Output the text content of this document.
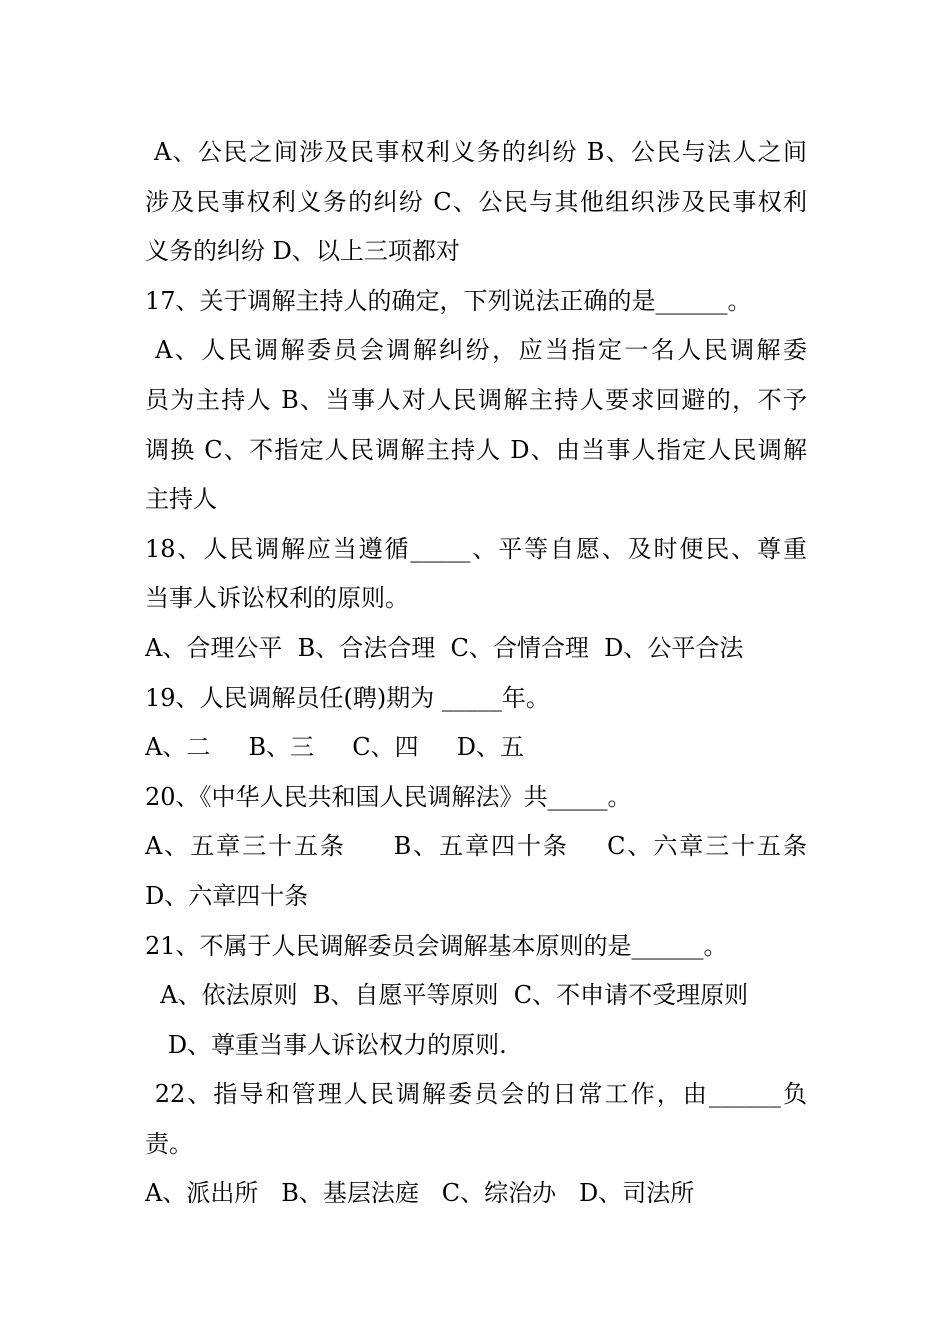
A、公民之间涉及民事权利义务的纠纷 B、公民与法人之间
涉及民事权利义务的纠纷 C、公民与其他组织涉及民事权利
义务的纠纷 D、以上三项都对
17、关于调解主持人的确定，下列说法正确的是______。
A、人民调解委员会调解纠纷，应当指定一名人民调解委
员为主持人 B、当事人对人民调解主持人要求回避的，不予
调换 C、不指定人民调解主持人 D、由当事人指定人民调解
主持人
18、人民调解应当遵循_____、平等自愿、及时便民、尊重
当事人诉讼权利的原则。
A、合理公平  B、合法合理  C、合情合理  D、公平合法
19、人民调解员任(聘)期为 _____年。
A、二     B、三     C、四     D、五
20、《中华人民共和国人民调解法》共_____。
A、五章三十五条     B、五章四十条    C、六章三十五条
D、六章四十条
21、不属于人民调解委员会调解基本原则的是______。
A、依法原则  B、自愿平等原则  C、不申请不受理原则
D、尊重当事人诉讼权力的原则.
22、指导和管理人民调解委员会的日常工作，由______负
责。
A、派出所   B、基层法庭   C、综治办   D、司法所
